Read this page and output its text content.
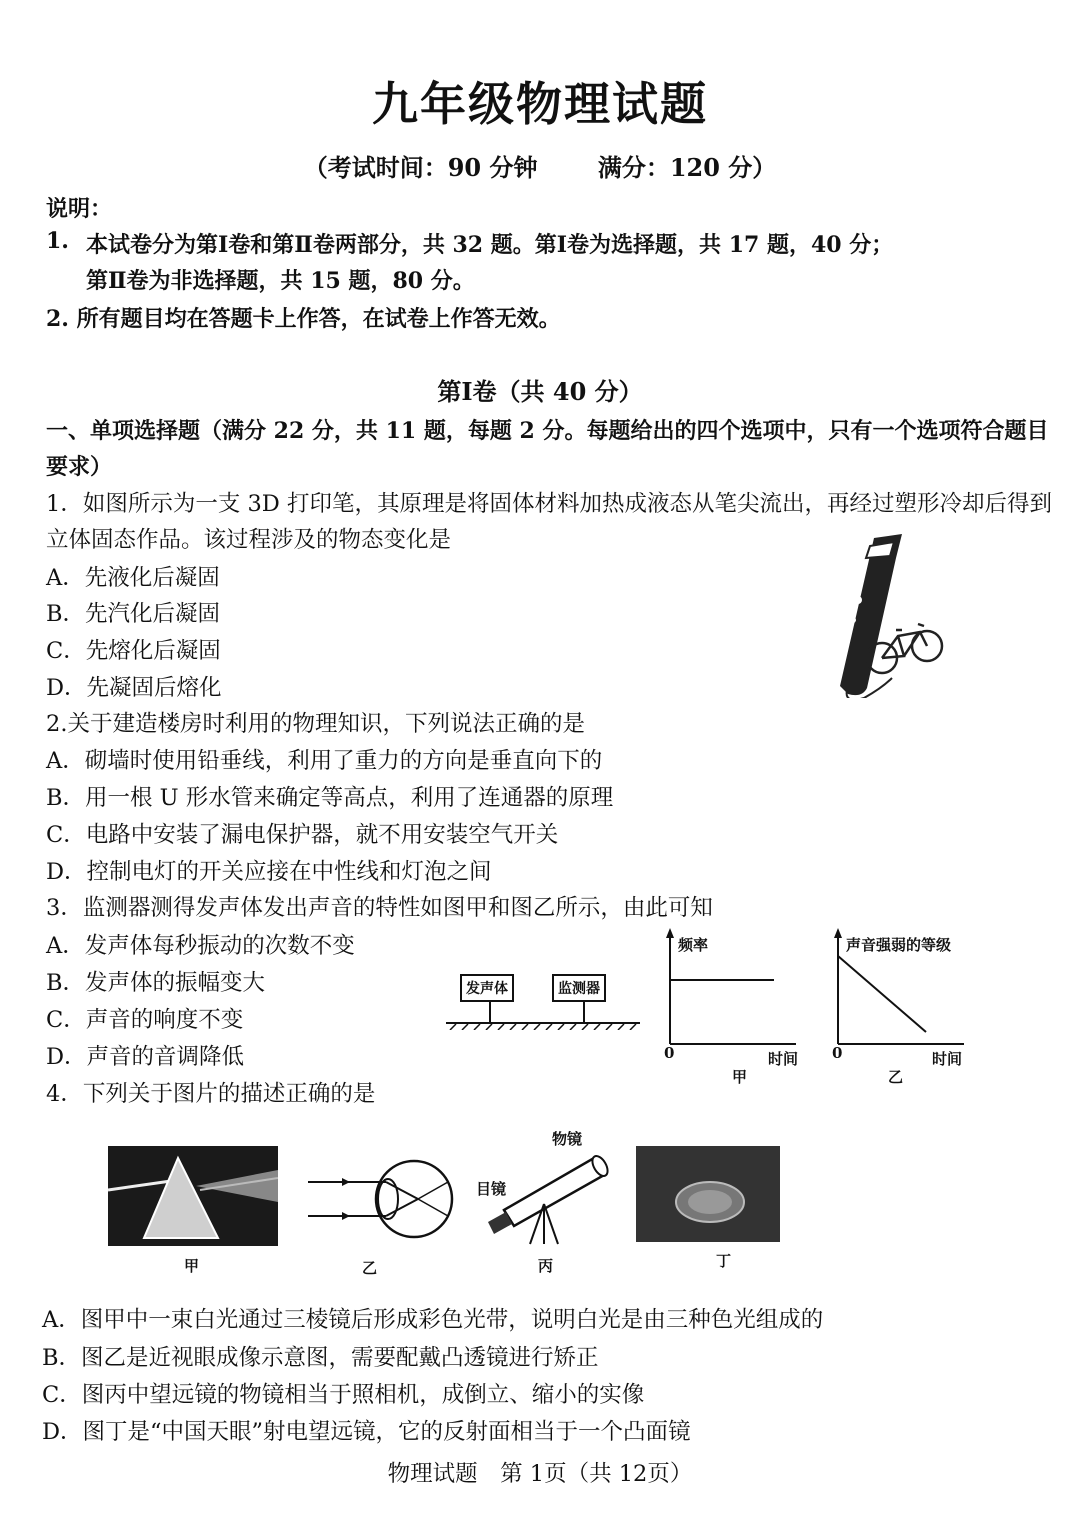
九年级物理试题
（考试时间：90 分钟	满分：120 分）
说明：
1. 本试卷分为第Ⅰ卷和第Ⅱ卷两部分，共 32 题。第Ⅰ卷为选择题，共 17 题，40 分；
第Ⅱ卷为非选择题，共 15 题，80 分。
2. 所有题目均在答题卡上作答，在试卷上作答无效。
第Ⅰ卷（共 40 分）
一、单项选择题（满分 22 分，共 11 题，每题 2 分。每题给出的四个选项中，只有一个选项符合题目
要求）
1．如图所示为一支 3D 打印笔，其原理是将固体材料加热成液态从笔尖流出，再经过塑形冷却后得到
立体固态作品。该过程涉及的物态变化是
A．先液化后凝固
B．先汽化后凝固
C．先熔化后凝固
D．先凝固后熔化
2.关于建造楼房时利用的物理知识，下列说法正确的是
A．砌墙时使用铅垂线，利用了重力的方向是垂直向下的
B．用一根 U 形水管来确定等高点，利用了连通器的原理
C．电路中安装了漏电保护器，就不用安装空气开关
D．控制电灯的开关应接在中性线和灯泡之间
3．监测器测得发声体发出声音的特性如图甲和图乙所示，由此可知
A．发声体每秒振动的次数不变
B．发声体的振幅变大
C．声音的响度不变
D．声音的音调降低
发声体	监测器
频率
0	时间
甲
声音强弱的等级
0	时间
乙
4．下列关于图片的描述正确的是
甲	乙
物镜
目镜
丙	丁
A．图甲中一束白光通过三棱镜后形成彩色光带，说明白光是由三种色光组成的
B．图乙是近视眼成像示意图，需要配戴凸透镜进行矫正
C．图丙中望远镜的物镜相当于照相机，成倒立、缩小的实像
D．图丁是“中国天眼”射电望远镜，它的反射面相当于一个凸面镜
物理试题　第 1页（共 12页）
